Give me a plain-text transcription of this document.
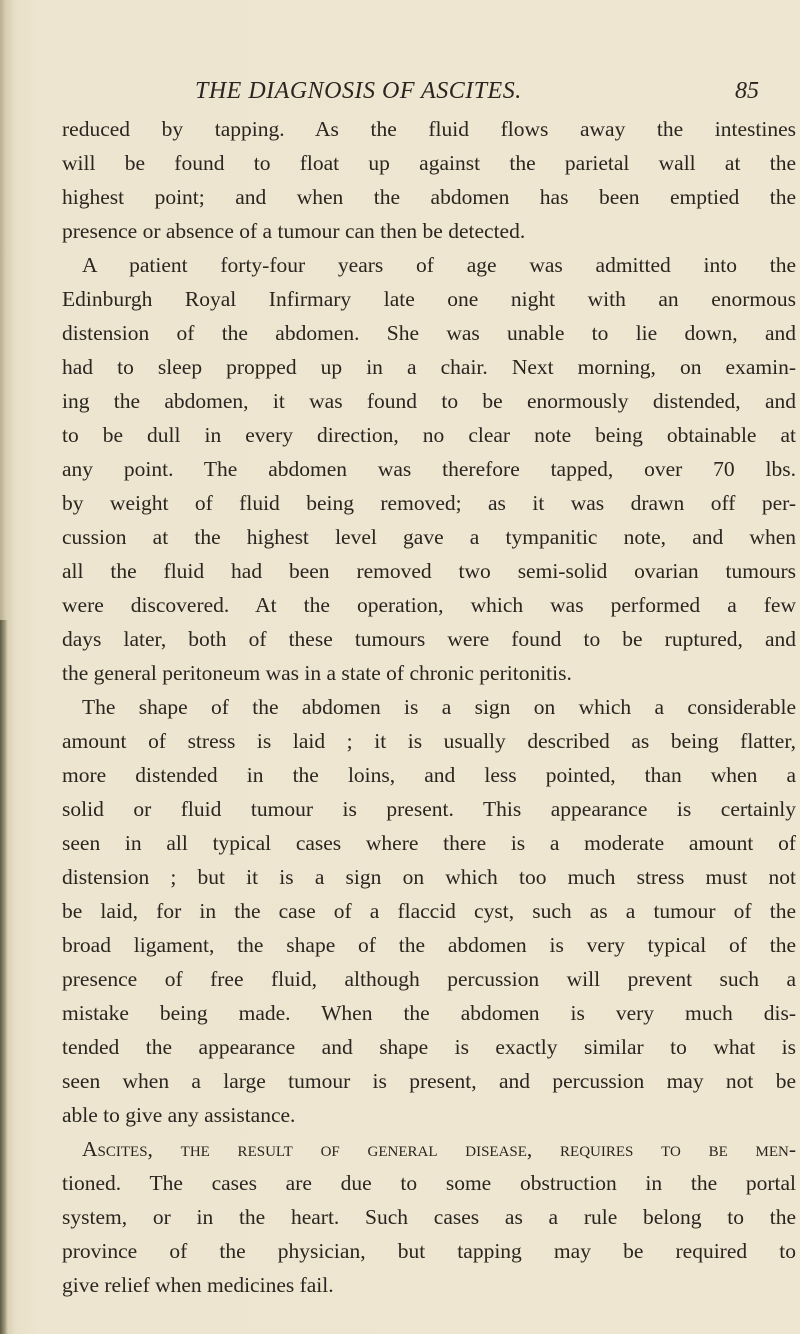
THE DIAGNOSIS OF ASCITES.	85
reduced by tapping. As the fluid flows away the intestines
will be found to float up against the parietal wall at the
highest point; and when the abdomen has been emptied the
presence or absence of a tumour can then be detected.
A patient forty-four years of age was admitted into the
Edinburgh Royal Infirmary late one night with an enormous
distension of the abdomen. She was unable to lie down, and
had to sleep propped up in a chair. Next morning, on examin-
ing the abdomen, it was found to be enormously distended, and
to be dull in every direction, no clear note being obtainable at
any point. The abdomen was therefore tapped, over 70 lbs.
by weight of fluid being removed; as it was drawn off per-
cussion at the highest level gave a tympanitic note, and when
all the fluid had been removed two semi-solid ovarian tumours
were discovered. At the operation, which was performed a few
days later, both of these tumours were found to be ruptured, and
the general peritoneum was in a state of chronic peritonitis.
The shape of the abdomen is a sign on which a considerable
amount of stress is laid ; it is usually described as being flatter,
more distended in the loins, and less pointed, than when a
solid or fluid tumour is present. This appearance is certainly
seen in all typical cases where there is a moderate amount of
distension ; but it is a sign on which too much stress must not
be laid, for in the case of a flaccid cyst, such as a tumour of the
broad ligament, the shape of the abdomen is very typical of the
presence of free fluid, although percussion will prevent such a
mistake being made. When the abdomen is very much dis-
tended the appearance and shape is exactly similar to what is
seen when a large tumour is present, and percussion may not be
able to give any assistance.
Ascites, the result of general disease, requires to be men-
tioned. The cases are due to some obstruction in the portal
system, or in the heart. Such cases as a rule belong to the
province of the physician, but tapping may be required to
give relief when medicines fail.
